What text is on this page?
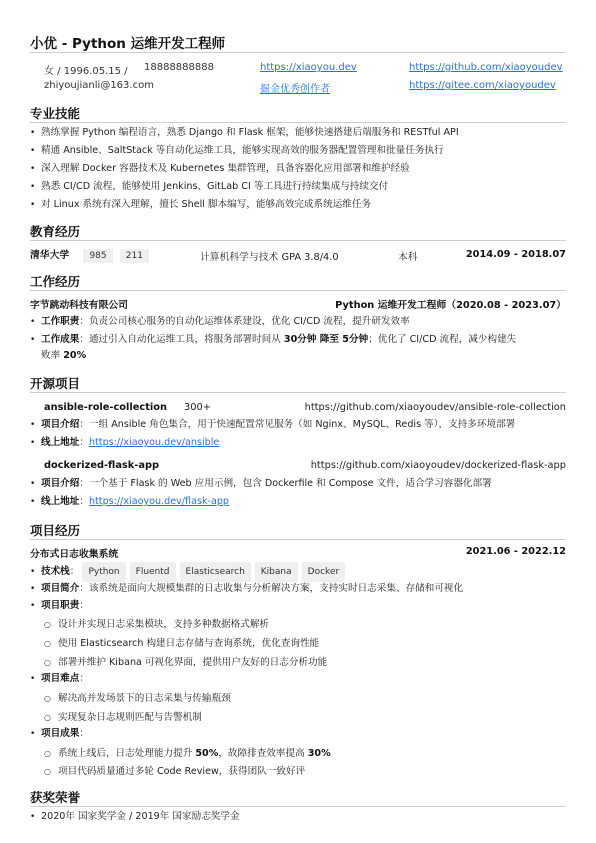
小优 - Python 运维开发工程师
女 / 1996.05.15 / 18888888888	https://xiaoyou.dev	https://github.com/xiaoyoudev
zhiyoujianli@163.com	掘金优秀创作者	https://gitee.com/xiaoyoudev
专业技能
• 熟练掌握 Python 编程语言，熟悉 Django 和 Flask 框架，能够快速搭建后端服务和 RESTful API
• 精通 Ansible、SaltStack 等自动化运维工具，能够实现高效的服务器配置管理和批量任务执行
• 深入理解 Docker 容器技术及 Kubernetes 集群管理，具备容器化应用部署和维护经验
• 熟悉 CI/CD 流程，能够使用 Jenkins、GitLab CI 等工具进行持续集成与持续交付
• 对 Linux 系统有深入理解，擅长 Shell 脚本编写，能够高效完成系统运维任务
教育经历
清华大学 985 211	计算机科学与技术 GPA 3.8/4.0	本科	2014.09 - 2018.07
工作经历
字节跳动科技有限公司	Python 运维开发工程师（2020.08 - 2023.07）
• 工作职责：负责公司核心服务的自动化运维体系建设，优化 CI/CD 流程，提升研发效率
• 工作成果：通过引入自动化运维工具，将服务部署时间从 30分钟 降至 5分钟；优化了 CI/CD 流程，减少构建失
败率 20%
开源项目
ansible-role-collection 300+	https://github.com/xiaoyoudev/ansible-role-collection
• 项目介绍：一组 Ansible 角色集合，用于快速配置常见服务（如 Nginx、MySQL、Redis 等），支持多环境部署
• 线上地址：https://xiaoyou.dev/ansible
dockerized-flask-app	https://github.com/xiaoyoudev/dockerized-flask-app
• 项目介绍：一个基于 Flask 的 Web 应用示例，包含 Dockerfile 和 Compose 文件，适合学习容器化部署
• 线上地址：https://xiaoyou.dev/flask-app
项目经历
分布式日志收集系统	2021.06 - 2022.12
• 技术栈： Python Fluentd Elasticsearch Kibana Docker
• 项目简介：该系统是面向大规模集群的日志收集与分析解决方案，支持实时日志采集、存储和可视化
• 项目职责：
○ 设计并实现日志采集模块，支持多种数据格式解析
○ 使用 Elasticsearch 构建日志存储与查询系统，优化查询性能
○ 部署并维护 Kibana 可视化界面，提供用户友好的日志分析功能
• 项目难点：
○ 解决高并发场景下的日志采集与传输瓶颈
○ 实现复杂日志规则匹配与告警机制
• 项目成果：
○ 系统上线后，日志处理能力提升 50%，故障排查效率提高 30%
○ 项目代码质量通过多轮 Code Review，获得团队一致好评
获奖荣誉
• 2020年 国家奖学金 / 2019年 国家励志奖学金
